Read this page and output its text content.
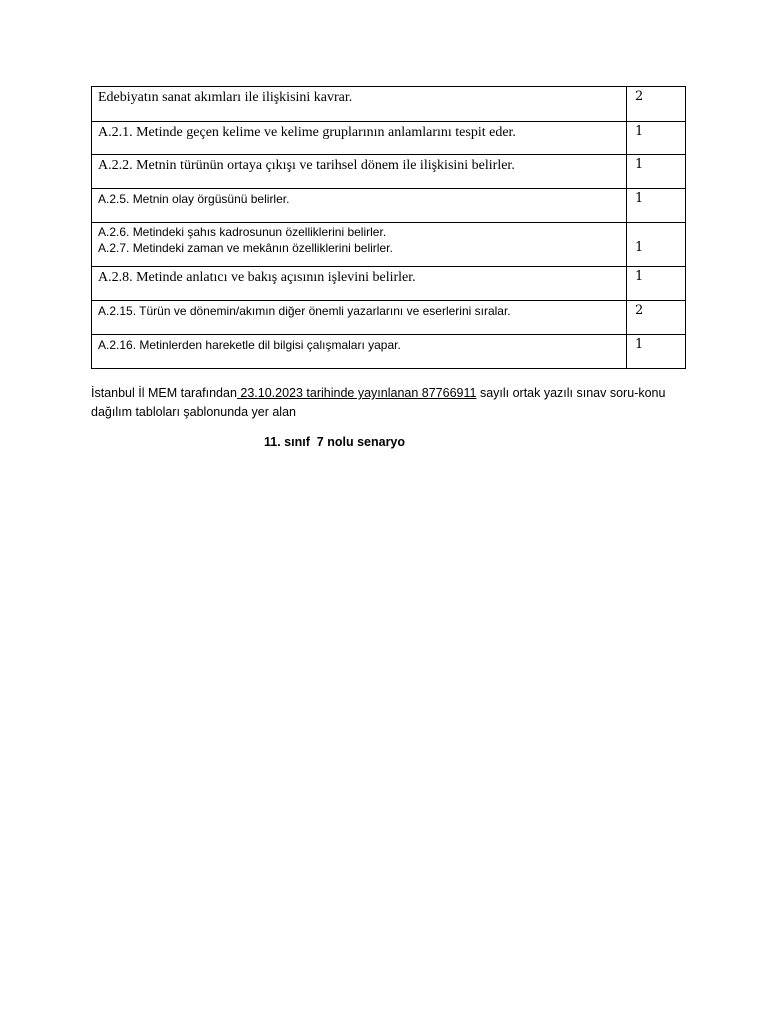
Edebiyatın sanat akımları ile ilişkisini kavrar.	2

A.2.1. Metinde geçen kelime ve kelime gruplarının anlamlarını tespit eder.	1

A.2.2. Metnin türünün ortaya çıkışı ve tarihsel dönem ile ilişkisini belirler.	1

A.2.5. Metnin olay örgüsünü belirler.	1

A.2.6. Metindeki şahıs kadrosunun özelliklerini belirler.
A.2.7. Metindeki zaman ve mekânın özelliklerini belirler.	1

A.2.8. Metinde anlatıcı ve bakış açısının işlevini belirler.	1

A.2.15. Türün ve dönemin/akımın diğer önemli yazarlarını ve eserlerini sıralar.	2

A.2.16. Metinlerden hareketle dil bilgisi çalışmaları yapar.	1
İstanbul İl MEM tarafından 23.10.2023 tarihinde yayınlanan 87766911 sayılı ortak yazılı sınav soru-konu dağılım tabloları şablonunda yer alan
11. sınıf  7 nolu senaryo
